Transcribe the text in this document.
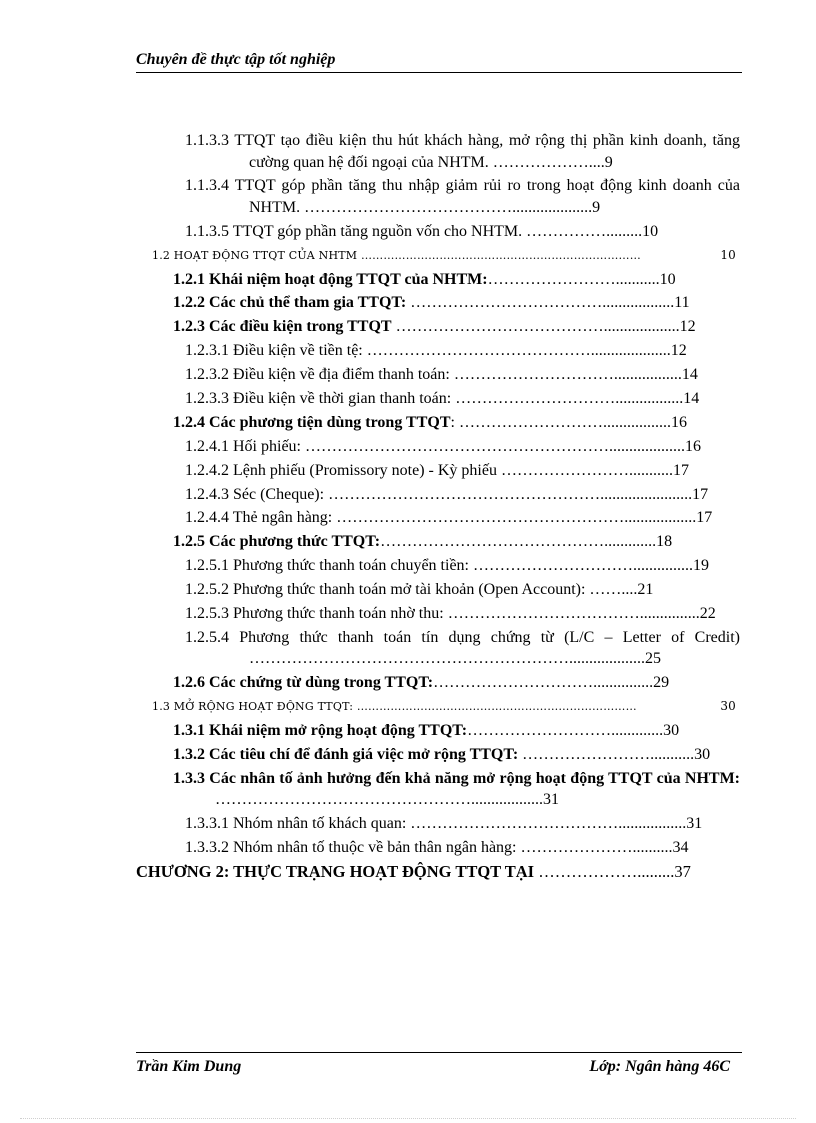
Chuyên đề thực tập tốt nghiệp
1.1.3.3 TTQT tạo điều kiện thu hút khách hàng, mở rộng thị phần kinh doanh, tăng cường quan hệ đối ngoại của NHTM. ………………....9
1.1.3.4 TTQT góp phần tăng thu nhập giảm rủi ro trong hoạt động kinh doanh của NHTM. …………………………………....................9
1.1.3.5 TTQT góp phần tăng nguồn vốn cho NHTM. …………….........10
1.2 HOẠT ĐỘNG TTQT CỦA NHTM …………………………………………………………………	10
1.2.1 Khái niệm hoạt động TTQT của NHTM:……………………...........10
1.2.2 Các chủ thể tham gia TTQT: ………………………………..................11
1.2.3 Các điều kiện trong TTQT …………………………………...................12
1.2.3.1 Điều kiện về tiền tệ: ……………………………………....................12
1.2.3.2 Điều kiện về địa điểm thanh toán: ………………………….................14
1.2.3.3 Điều kiện về thời gian thanh toán: ………………………….................14
1.2.4 Các phương tiện dùng trong TTQT: ……………………….................16
1.2.4.1 Hối phiếu: …………………………………………………...................16
1.2.4.2 Lệnh phiếu (Promissory note) - Kỳ phiếu ……………………...........17
1.2.4.3 Séc (Cheque): …………………………………………….......................17
1.2.4.4 Thẻ ngân hàng: ………………………………………………..................17
1.2.5 Các phương thức TTQT:…………………………………….............18
1.2.5.1 Phương thức thanh toán chuyển tiền: …………………………...............19
1.2.5.2 Phương thức thanh toán mở tài khoản (Open Account): ……....21
1.2.5.3 Phương thức thanh toán nhờ thu: ………………………………...............22
1.2.5.4 Phương thức thanh toán tín dụng chứng từ (L/C – Letter of Credit) ……………………………………………………...................25
1.2.6 Các chứng từ dùng trong TTQT:…………………………...............29
1.3 MỞ RỘNG HOẠT ĐỘNG TTQT: …………………………………………………………………	30
1.3.1 Khái niệm mở rộng hoạt động TTQT:……………………….............30
1.3.2 Các tiêu chí để đánh giá việc mở rộng TTQT: ……………………...........30
1.3.3 Các nhân tố ảnh hưởng đến khả năng mở rộng hoạt động TTQT của NHTM: …………………………………………..................31
1.3.3.1 Nhóm nhân tố khách quan: ………………………………….................31
1.3.3.2 Nhóm nhân tố thuộc về bản thân ngân hàng: …………………..........34
CHƯƠNG 2: THỰC TRẠNG HOẠT ĐỘNG TTQT TẠI ……………….........37
Trần Kim Dung	Lớp: Ngân hàng 46C
